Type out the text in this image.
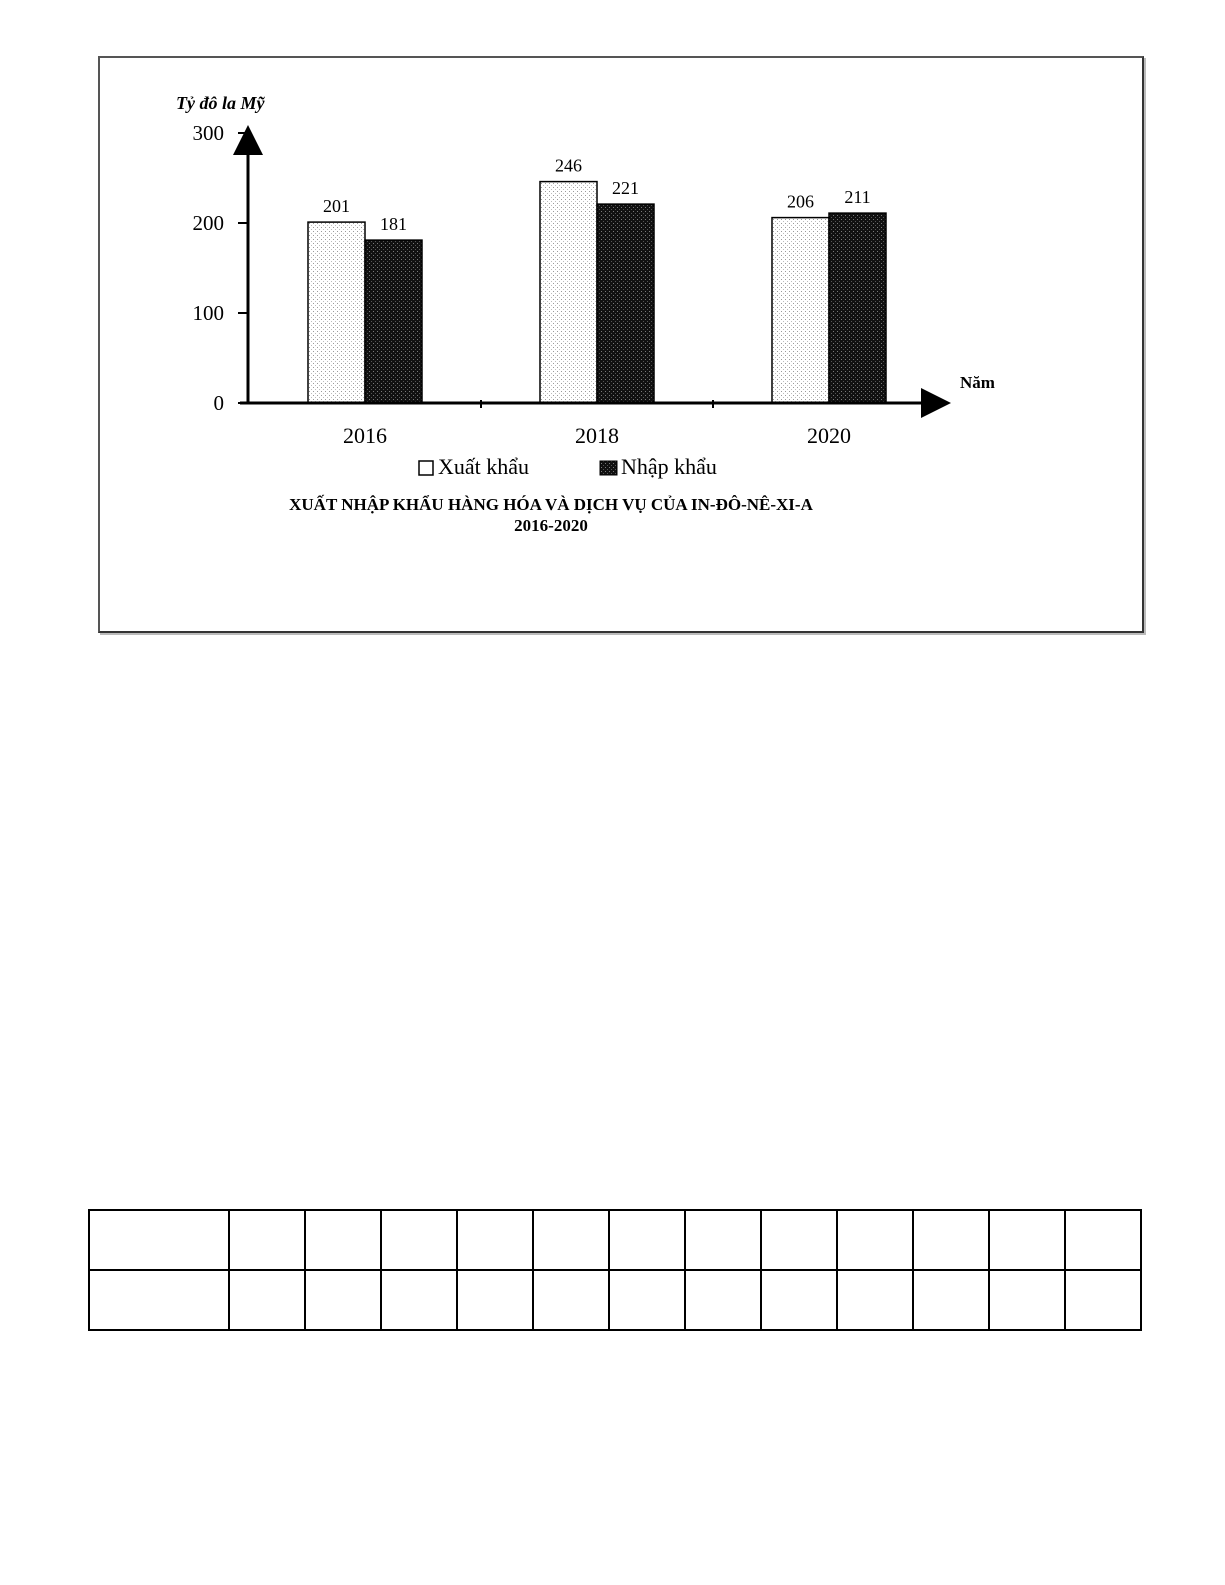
Tỷ đô la Mỹ
Năm
0
100
200
300
201
181
246
221
206 211
2016	2018	2020
Xuất khẩu	Nhập khẩu
XUẤT NHẬP KHẨU HÀNG HÓA VÀ DỊCH VỤ CỦA IN-ĐÔ-NÊ-XI-A
2016-2020
